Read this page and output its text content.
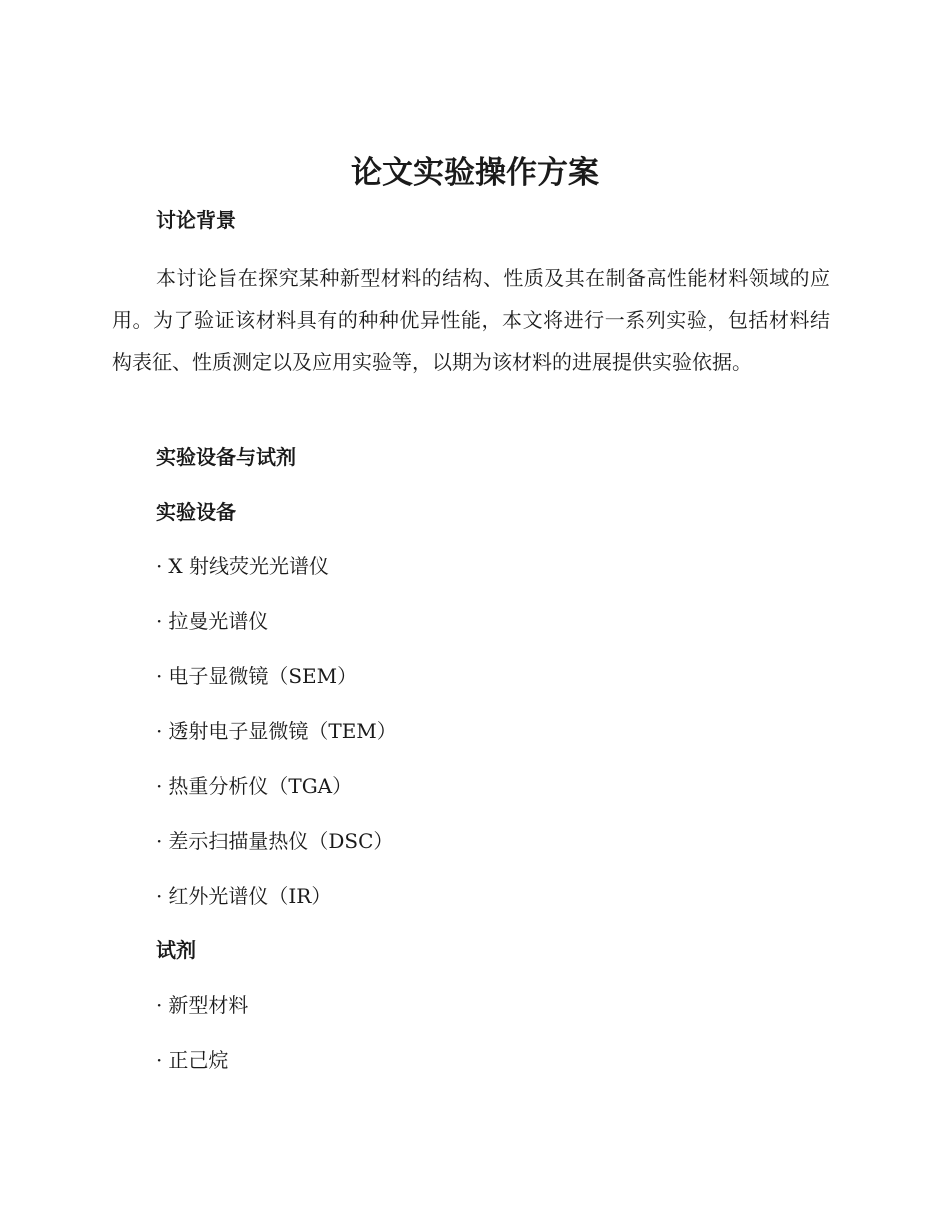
论文实验操作方案
讨论背景

本讨论旨在探究某种新型材料的结构、性质及其在制备高性能材料领域的应用。为了验证该材料具有的种种优异性能，本文将进行一系列实验，包括材料结构表征、性质测定以及应用实验等，以期为该材料的进展提供实验依据。

实验设备与试剂
实验设备
· X 射线荧光光谱仪
· 拉曼光谱仪
· 电子显微镜（SEM）
· 透射电子显微镜（TEM）
· 热重分析仪（TGA）
· 差示扫描量热仪（DSC）
· 红外光谱仪（IR）
试剂
· 新型材料
· 正己烷
